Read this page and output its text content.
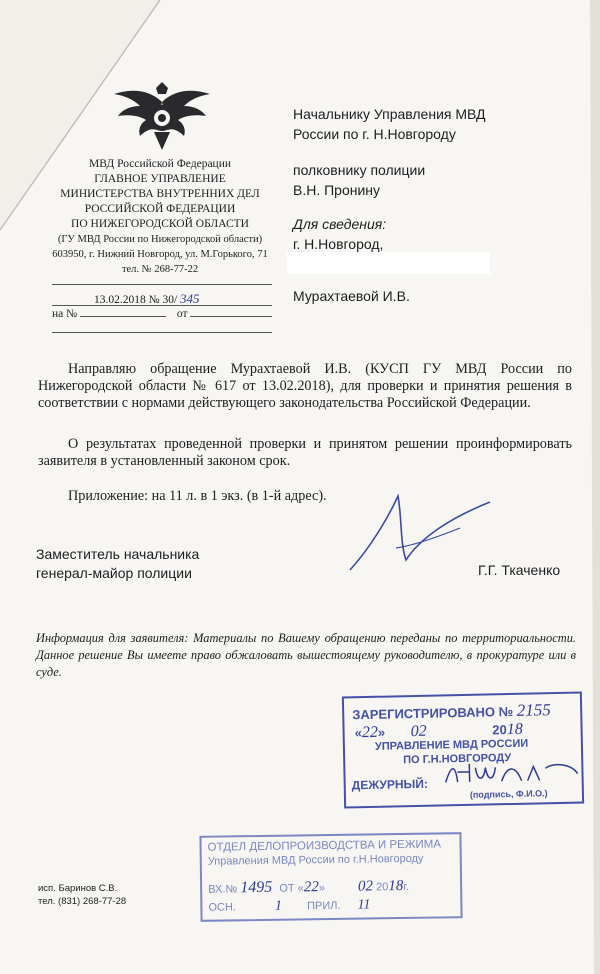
МВД Российской Федерации
ГЛАВНОЕ УПРАВЛЕНИЕ
МИНИСТЕРСТВА ВНУТРЕННИХ ДЕЛ
РОССИЙСКОЙ ФЕДЕРАЦИИ
ПО НИЖЕГОРОДСКОЙ ОБЛАСТИ
(ГУ МВД России по Нижегородской области)
603950, г. Нижний Новгород, ул. М.Горького, 71
тел. № 268-77-22
13.02.2018 № 30/ 345
на №	от
Начальнику Управления МВД
России по г. Н.Новгороду
полковнику полиции
В.Н. Пронину
Для сведения:
г. Н.Новгород,
Мурахтаевой И.В.
Направляю обращение Мурахтаевой И.В. (КУСП ГУ МВД России по Нижегородской области № 617 от 13.02.2018), для проверки и принятия решения в соответствии с нормами действующего законодательства Российской Федерации.
О результатах проведенной проверки и принятом решении проинформировать заявителя в установленный законом срок.
Приложение: на 11 л. в 1 экз. (в 1-й адрес).
Заместитель начальника
генерал-майор полиции	Г.Г. Ткаченко
Информация для заявителя: Материалы по Вашему обращению переданы по территориальности. Данное решение Вы имеете право обжаловать вышестоящему руководителю, в прокуратуре или в суде.
ЗАРЕГИСТРИРОВАНО № 2155
«22» 02	2018
УПРАВЛЕНИЕ МВД РОССИИ
ПО Г.Н.НОВГОРОДУ
ДЕЖУРНЫЙ:
(подпись, Ф.И.О.)
ОТДЕЛ ДЕЛОПРОИЗВОДСТВА И РЕЖИМА
Управления МВД России по г.Н.Новгороду
ВХ.№ 1495 ОТ «22» 02 2018г.
ОСН.	1 ПРИЛ. 11
исп. Баринов С.В.
тел. (831) 268-77-28
